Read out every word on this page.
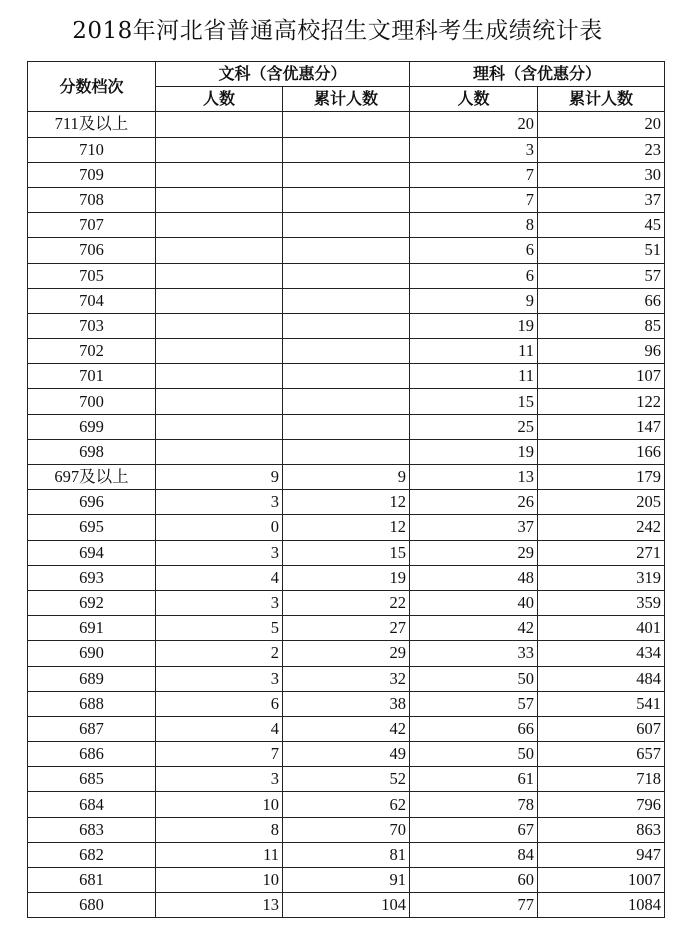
2018年河北省普通高校招生文理科考生成绩统计表
分数档次	文科（含优惠分）		理科（含优惠分）	
	人数	累计人数	人数	累计人数
711及以上			20	20
710			3	23
709			7	30
708			7	37
707			8	45
706			6	51
705			6	57
704			9	66
703			19	85
702			11	96
701			11	107
700			15	122
699			25	147
698			19	166
697及以上	9	9	13	179
696	3	12	26	205
695	0	12	37	242
694	3	15	29	271
693	4	19	48	319
692	3	22	40	359
691	5	27	42	401
690	2	29	33	434
689	3	32	50	484
688	6	38	57	541
687	4	42	66	607
686	7	49	50	657
685	3	52	61	718
684	10	62	78	796
683	8	70	67	863
682	11	81	84	947
681	10	91	60	1007
680	13	104	77	1084
